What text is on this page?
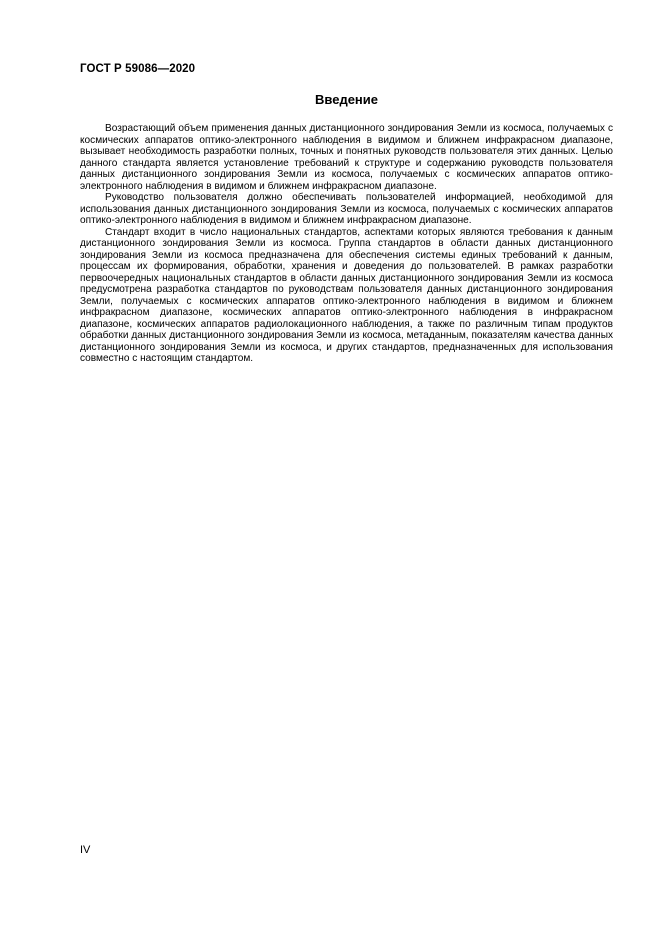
ГОСТ Р 59086—2020
Введение

Возрастающий объем применения данных дистанционного зондирования Земли из космоса, получаемых с космических аппаратов оптико-электронного наблюдения в видимом и ближнем инфракрасном диапазоне, вызывает необходимость разработки полных, точных и понятных руководств пользователя этих данных. Целью данного стандарта является установление требований к структуре и содержанию руководств пользователя данных дистанционного зондирования Земли из космоса, получаемых с космических аппаратов оптико-электронного наблюдения в видимом и ближнем инфракрасном диапазоне.

Руководство пользователя должно обеспечивать пользователей информацией, необходимой для использования данных дистанционного зондирования Земли из космоса, получаемых с космических аппаратов оптико-электронного наблюдения в видимом и ближнем инфракрасном диапазоне.

Стандарт входит в число национальных стандартов, аспектами которых являются требования к данным дистанционного зондирования Земли из космоса. Группа стандартов в области данных дистанционного зондирования Земли из космоса предназначена для обеспечения системы единых требований к данным, процессам их формирования, обработки, хранения и доведения до пользователей. В рамках разработки первоочередных национальных стандартов в области данных дистанционного зондирования Земли из космоса предусмотрена разработка стандартов по руководствам пользователя данных дистанционного зондирования Земли, получаемых с космических аппаратов оптико-электронного наблюдения в видимом и ближнем инфракрасном диапазоне, космических аппаратов оптико-электронного наблюдения в инфракрасном диапазоне, космических аппаратов радиолокационного наблюдения, а также по различным типам продуктов обработки данных дистанционного зондирования Земли из космоса, метаданным, показателям качества данных дистанционного зондирования Земли из космоса, и других стандартов, предназначенных для использования совместно с настоящим стандартом.

IV
